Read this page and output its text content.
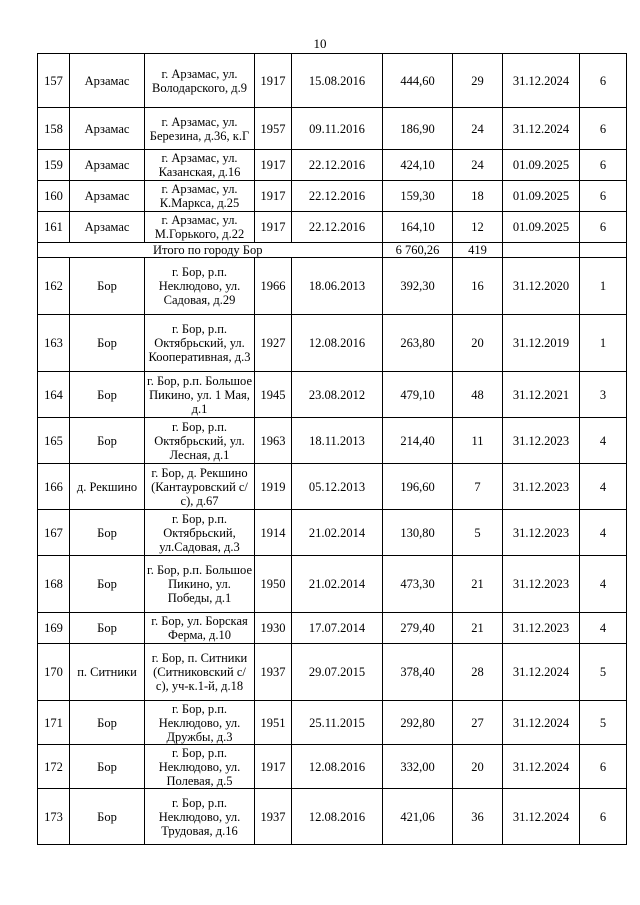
10
157	Арзамас	г. Арзамас, ул. Володарского, д.9	1917	15.08.2016	444,60	29	31.12.2024	6
158	Арзамас	г. Арзамас, ул. Березина, д.36, к.Г	1957	09.11.2016	186,90	24	31.12.2024	6
159	Арзамас	г. Арзамас, ул. Казанская, д.16	1917	22.12.2016	424,10	24	01.09.2025	6
160	Арзамас	г. Арзамас, ул. К.Маркса, д.25	1917	22.12.2016	159,30	18	01.09.2025	6
161	Арзамас	г. Арзамас, ул. М.Горького, д.22	1917	22.12.2016	164,10	12	01.09.2025	6
Итого по городу Бор					6 760,26	419		
162	Бор	г. Бор, р.п. Неклюдово, ул. Садовая, д.29	1966	18.06.2013	392,30	16	31.12.2020	1
163	Бор	г. Бор, р.п. Октябрьский, ул. Кооперативная, д.3	1927	12.08.2016	263,80	20	31.12.2019	1
164	Бор	г. Бор, р.п. Большое Пикино, ул. 1 Мая, д.1	1945	23.08.2012	479,10	48	31.12.2021	3
165	Бор	г. Бор, р.п. Октябрьский, ул. Лесная, д.1	1963	18.11.2013	214,40	11	31.12.2023	4
166	д. Рекшино	г. Бор, д. Рекшино (Кантауровский с/с), д.67	1919	05.12.2013	196,60	7	31.12.2023	4
167	Бор	г. Бор, р.п. Октябрьский, ул.Садовая, д.3	1914	21.02.2014	130,80	5	31.12.2023	4
168	Бор	г. Бор, р.п. Большое Пикино, ул. Победы, д.1	1950	21.02.2014	473,30	21	31.12.2023	4
169	Бор	г. Бор, ул. Борская Ферма, д.10	1930	17.07.2014	279,40	21	31.12.2023	4
170	п. Ситники	г. Бор, п. Ситники (Ситниковский с/с), уч-к.1-й, д.18	1937	29.07.2015	378,40	28	31.12.2024	5
171	Бор	г. Бор, р.п. Неклюдово, ул. Дружбы, д.3	1951	25.11.2015	292,80	27	31.12.2024	5
172	Бор	г. Бор, р.п. Неклюдово, ул. Полевая, д.5	1917	12.08.2016	332,00	20	31.12.2024	6
173	Бор	г. Бор, р.п. Неклюдово, ул. Трудовая, д.16	1937	12.08.2016	421,06	36	31.12.2024	6
